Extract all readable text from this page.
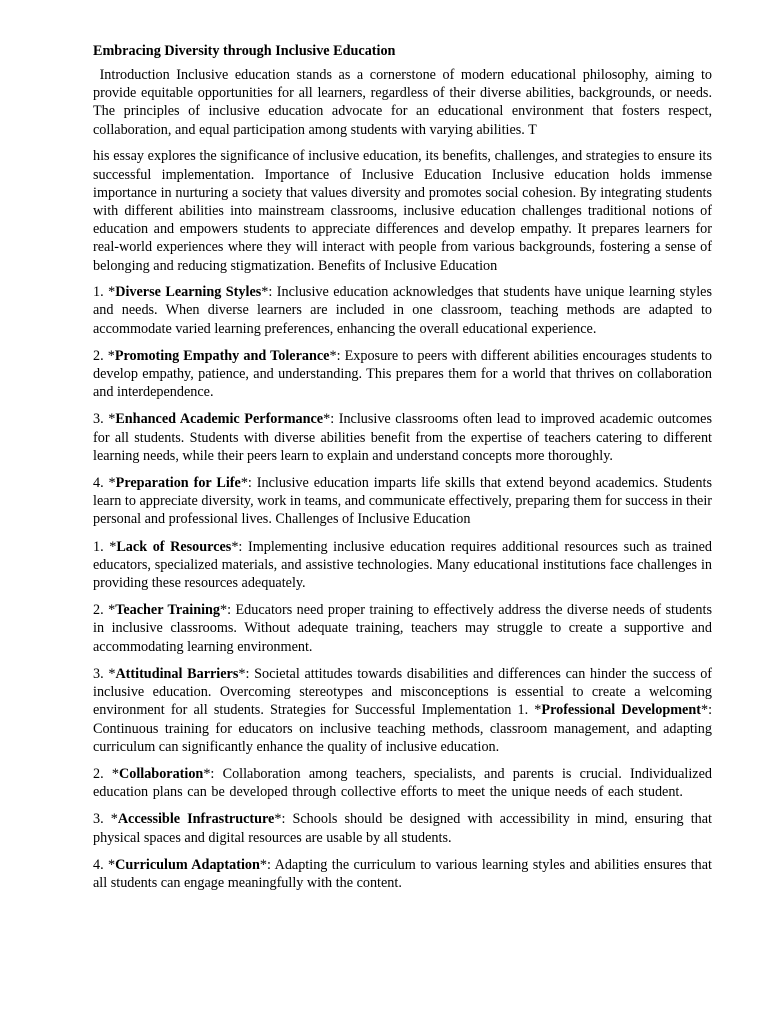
Embracing Diversity through Inclusive Education

Introduction Inclusive education stands as a cornerstone of modern educational philosophy, aiming to provide equitable opportunities for all learners, regardless of their diverse abilities, backgrounds, or needs. The principles of inclusive education advocate for an educational environment that fosters respect, collaboration, and equal participation among students with varying abilities. T

his essay explores the significance of inclusive education, its benefits, challenges, and strategies to ensure its successful implementation. Importance of Inclusive Education Inclusive education holds immense importance in nurturing a society that values diversity and promotes social cohesion. By integrating students with different abilities into mainstream classrooms, inclusive education challenges traditional notions of education and empowers students to appreciate differences and develop empathy. It prepares learners for real-world experiences where they will interact with people from various backgrounds, fostering a sense of belonging and reducing stigmatization. Benefits of Inclusive Education

1. *Diverse Learning Styles*: Inclusive education acknowledges that students have unique learning styles and needs. When diverse learners are included in one classroom, teaching methods are adapted to accommodate varied learning preferences, enhancing the overall educational experience.

2. *Promoting Empathy and Tolerance*: Exposure to peers with different abilities encourages students to develop empathy, patience, and understanding. This prepares them for a world that thrives on collaboration and interdependence.

3. *Enhanced Academic Performance*: Inclusive classrooms often lead to improved academic outcomes for all students. Students with diverse abilities benefit from the expertise of teachers catering to different learning needs, while their peers learn to explain and understand concepts more thoroughly.

4. *Preparation for Life*: Inclusive education imparts life skills that extend beyond academics. Students learn to appreciate diversity, work in teams, and communicate effectively, preparing them for success in their personal and professional lives. Challenges of Inclusive Education

1. *Lack of Resources*: Implementing inclusive education requires additional resources such as trained educators, specialized materials, and assistive technologies. Many educational institutions face challenges in providing these resources adequately.

2. *Teacher Training*: Educators need proper training to effectively address the diverse needs of students in inclusive classrooms. Without adequate training, teachers may struggle to create a supportive and accommodating learning environment.

3. *Attitudinal Barriers*: Societal attitudes towards disabilities and differences can hinder the success of inclusive education. Overcoming stereotypes and misconceptions is essential to create a welcoming environment for all students. Strategies for Successful Implementation 1. *Professional Development*: Continuous training for educators on inclusive teaching methods, classroom management, and adapting curriculum can significantly enhance the quality of inclusive education.

2. *Collaboration*: Collaboration among teachers, specialists, and parents is crucial. Individualized education plans can be developed through collective efforts to meet the unique needs of each student.

3. *Accessible Infrastructure*: Schools should be designed with accessibility in mind, ensuring that physical spaces and digital resources are usable by all students.

4. *Curriculum Adaptation*: Adapting the curriculum to various learning styles and abilities ensures that all students can engage meaningfully with the content.
